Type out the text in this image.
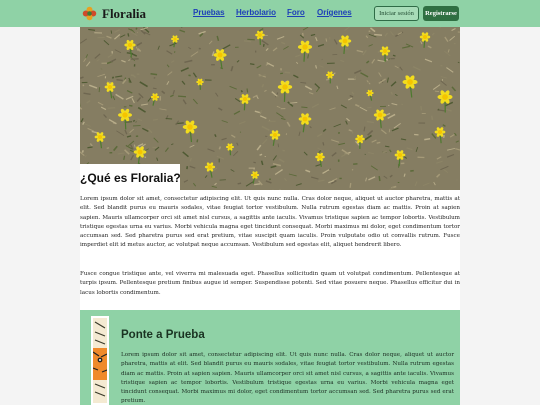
Floralia	Pruebas Herbolario Foro Orígenes	Iniciar sesión	Registrarse
¿Qué es Floralia?

Lorem ipsum dolor sit amet, consectetur adipiscing elit. Ut quis nunc nulla. Cras dolor neque, aliquet ut auctor pharetra, mattis at elit. Sed blandit purus eu mauris sodales, vitae feugiat tortor vestibulum. Nulla rutrum egestas diam ac mattis. Proin at sapien sapien. Mauris ullamcorper orci sit amet nisl cursus, a sagittis ante iaculis. Vivamus tristique sapien ac tempor lobortis. Vestibulum tristique egestas urna eu varius. Morbi vehicula magna eget tincidunt consequat. Morbi maximus mi dolor, eget condimentum tortor accumsan sed. Sed pharetra purus sed erat pretium, vitae suscipit quam iaculis. Proin vulputate odio ut convallis rutrum. Fusce imperdiet elit id metus auctor, ac volutpat neque accumsan. Vestibulum sed egestas elit, aliquet hendrerit libero.

Fusce congue tristique ante, vel viverra mi malesuada eget. Phasellus sollicitudin quam ut volutpat condimentum. Pellentesque at turpis ipsum. Pellentesque pretium finibus augue id semper. Suspendisse potenti. Sed vitae posuere neque. Phasellus efficitur dui in lacus lobortis condimentum.

Ponte a Prueba

Lorem ipsum dolor sit amet, consectetur adipiscing elit. Ut quis nunc nulla. Cras dolor neque, aliquet ut auctor pharetra, mattis at elit. Sed blandit purus eu mauris sodales, vitae feugiat tortor vestibulum. Nulla rutrum egestas diam ac mattis. Proin at sapien sapien. Mauris ullamcorper orci sit amet nisl cursus, a sagittis ante iaculis. Vivamus tristique sapien ac tempor lobortis. Vestibulum tristique egestas urna eu varius. Morbi vehicula magna eget tincidunt consequat. Morbi maximus mi dolor, eget condimentum tortor accumsan sed. Sed pharetra purus sed erat pretium.
